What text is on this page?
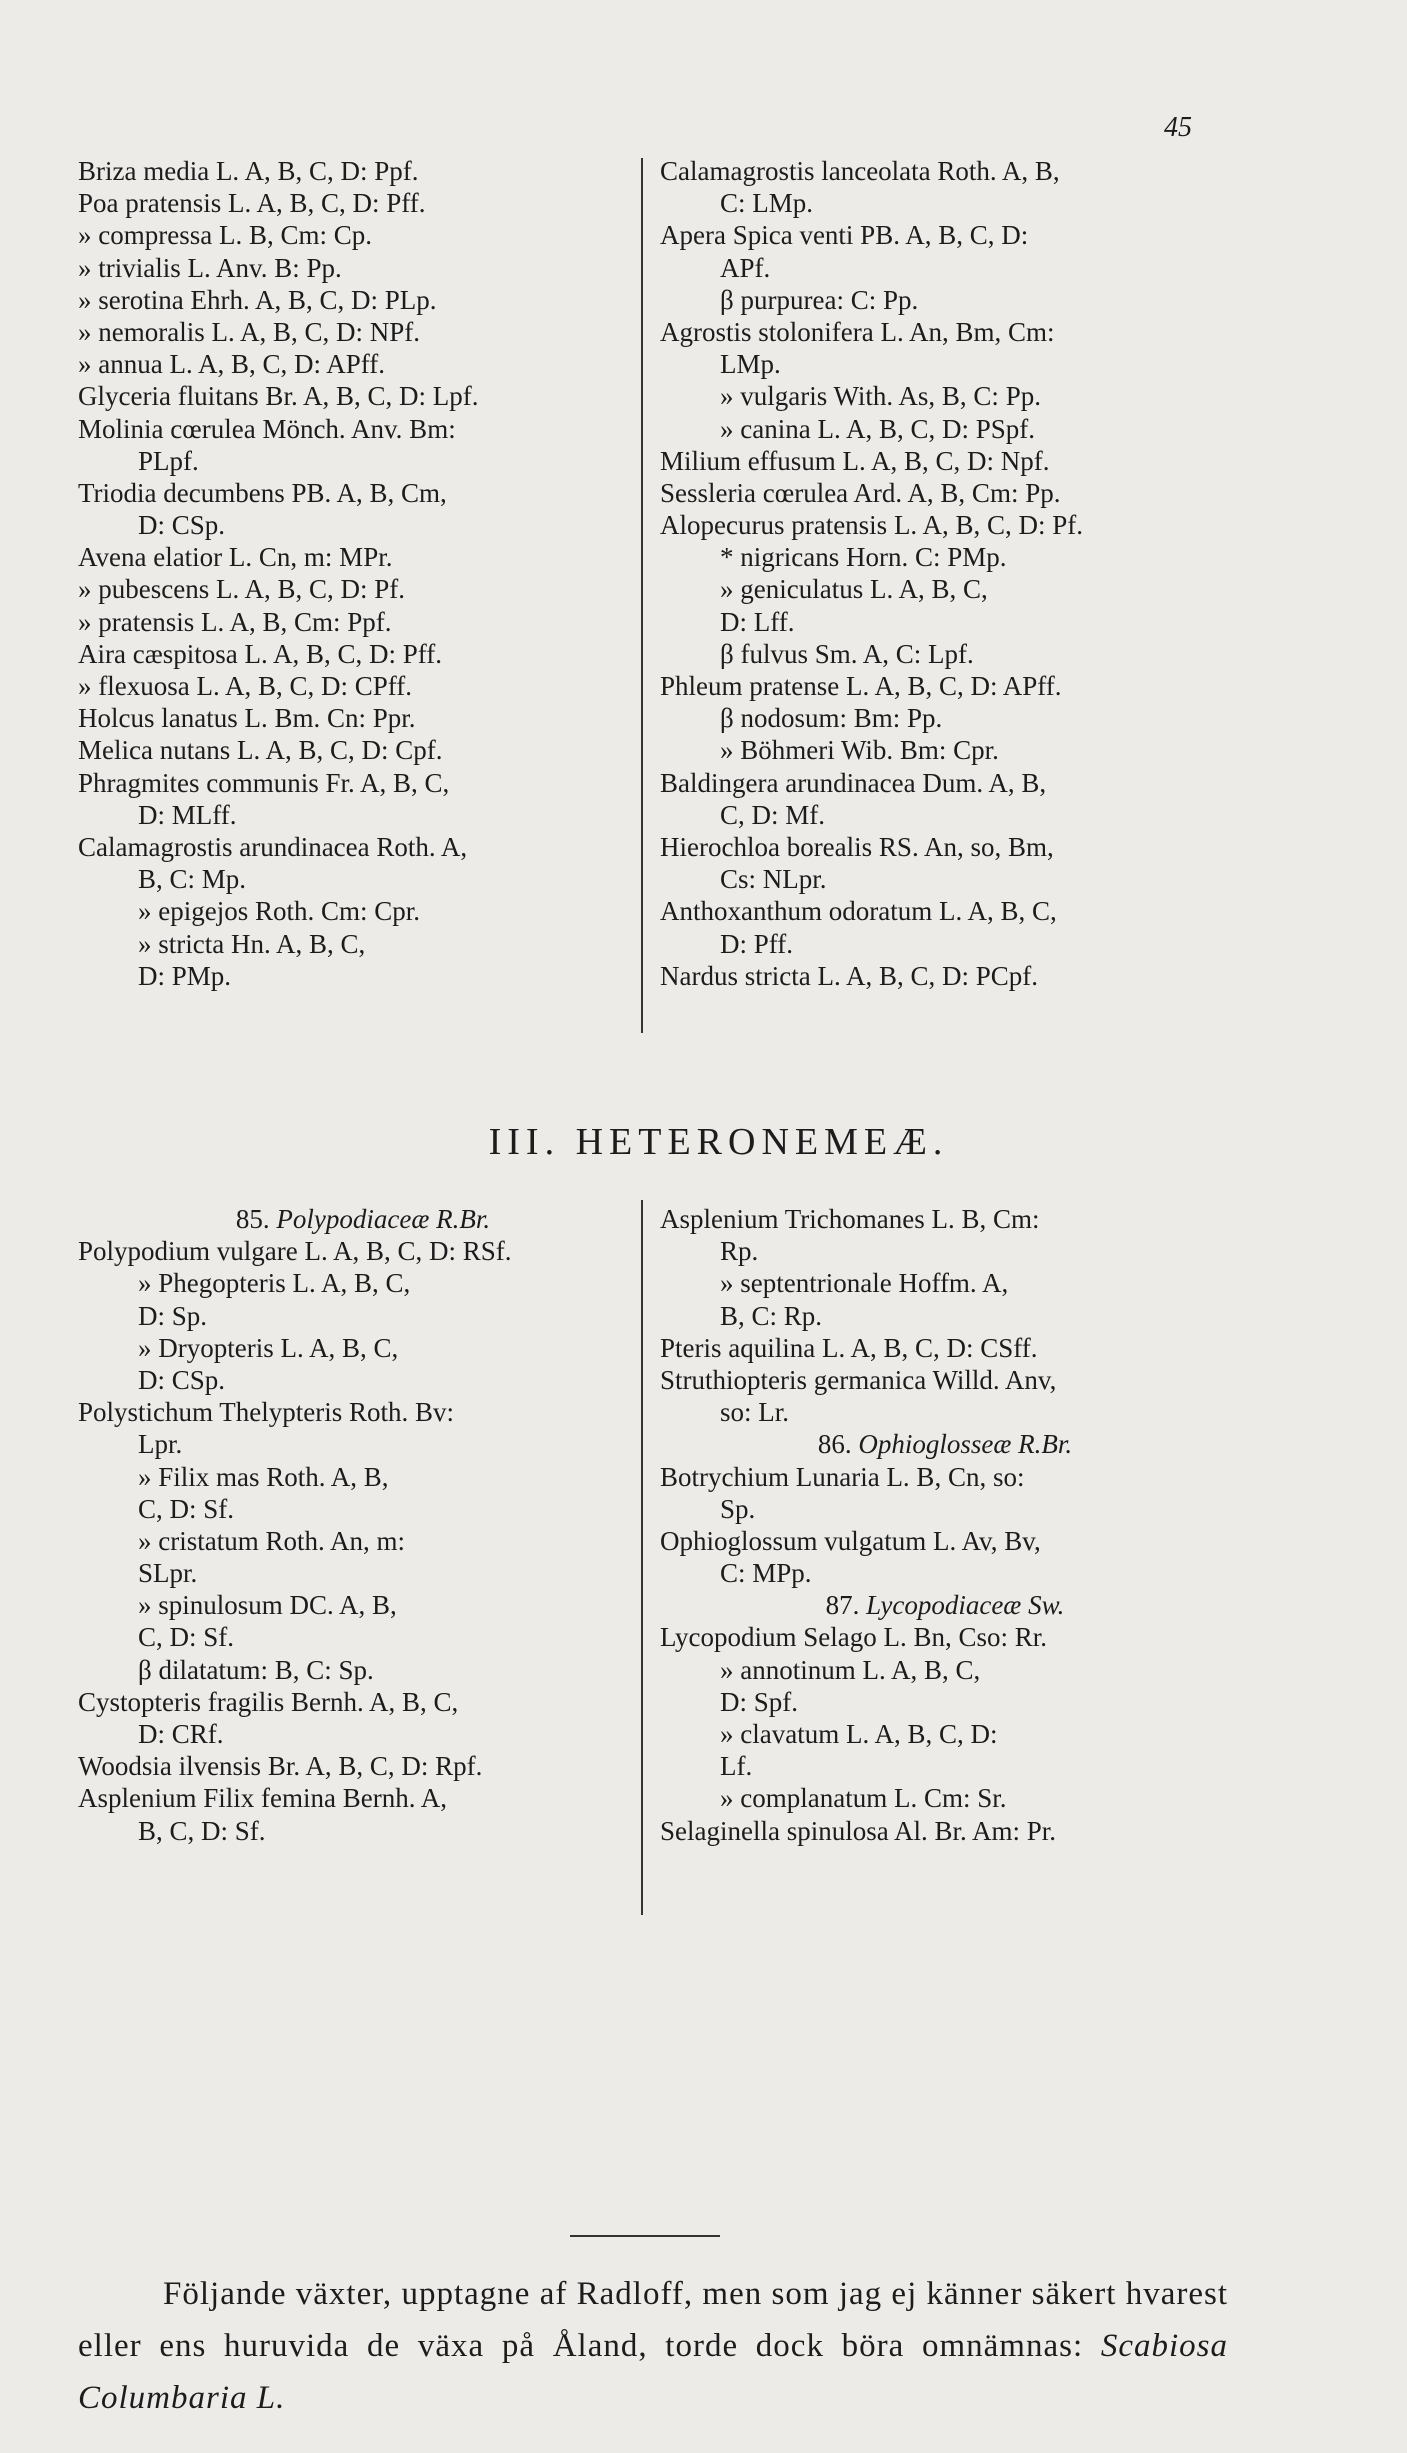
45
Briza media L. A, B, C, D: Ppf.
Poa pratensis L. A, B, C, D: Pff.
» compressa L. B, Cm: Cp.
» trivialis L. Anv. B: Pp.
» serotina Ehrh. A, B, C, D: PLp.
» nemoralis L. A, B, C, D: NPf.
» annua L. A, B, C, D: APff.
Glyceria fluitans Br. A, B, C, D: Lpf.
Molinia cœrulea Mönch. Anv. Bm:
PLpf.
Triodia decumbens PB. A, B, Cm,
D: CSp.
Avena elatior L. Cn, m: MPr.
» pubescens L. A, B, C, D: Pf.
» pratensis L. A, B, Cm: Ppf.
Aira cæspitosa L. A, B, C, D: Pff.
» flexuosa L. A, B, C, D: CPff.
Holcus lanatus L. Bm. Cn: Ppr.
Melica nutans L. A, B, C, D: Cpf.
Phragmites communis Fr. A, B, C,
D: MLff.
Calamagrostis arundinacea Roth. A,
B, C: Mp.
» epigejos Roth. Cm: Cpr.
» stricta Hn. A, B, C,
D: PMp.
Calamagrostis lanceolata Roth. A, B,
C: LMp.
Apera Spica venti PB. A, B, C, D:
APf.
β purpurea: C: Pp.
Agrostis stolonifera L. An, Bm, Cm:
LMp.
» vulgaris With. As, B, C: Pp.
» canina L. A, B, C, D: PSpf.
Milium effusum L. A, B, C, D: Npf.
Sessleria cœrulea Ard. A, B, Cm: Pp.
Alopecurus pratensis L. A, B, C, D: Pf.
* nigricans Horn. C: PMp.
» geniculatus L. A, B, C,
D: Lff.
β fulvus Sm. A, C: Lpf.
Phleum pratense L. A, B, C, D: APff.
β nodosum: Bm: Pp.
» Böhmeri Wib. Bm: Cpr.
Baldingera arundinacea Dum. A, B,
C, D: Mf.
Hierochloa borealis RS. An, so, Bm,
Cs: NLpr.
Anthoxanthum odoratum L. A, B, C,
D: Pff.
Nardus stricta L. A, B, C, D: PCpf.
III. HETERONEMEÆ.
85. Polypodiaceæ R.Br.
Polypodium vulgare L. A, B, C, D: RSf.
» Phegopteris L. A, B, C,
D: Sp.
» Dryopteris L. A, B, C,
D: CSp.
Polystichum Thelypteris Roth. Bv:
Lpr.
» Filix mas Roth. A, B,
C, D: Sf.
» cristatum Roth. An, m:
SLpr.
» spinulosum DC. A, B,
C, D: Sf.
β dilatatum: B, C: Sp.
Cystopteris fragilis Bernh. A, B, C,
D: CRf.
Woodsia ilvensis Br. A, B, C, D: Rpf.
Asplenium Filix femina Bernh. A,
B, C, D: Sf.
Asplenium Trichomanes L. B, Cm:
Rp.
» septentrionale Hoffm. A,
B, C: Rp.
Pteris aquilina L. A, B, C, D: CSff.
Struthiopteris germanica Willd. Anv,
so: Lr.
86. Ophioglosseæ R.Br.
Botrychium Lunaria L. B, Cn, so:
Sp.
Ophioglossum vulgatum L. Av, Bv,
C: MPp.
87. Lycopodiaceæ Sw.
Lycopodium Selago L. Bn, Cso: Rr.
» annotinum L. A, B, C,
D: Spf.
» clavatum L. A, B, C, D:
Lf.
» complanatum L. Cm: Sr.
Selaginella spinulosa Al. Br. Am: Pr.
Följande växter, upptagne af Radloff, men som jag ej känner säkert hvarest eller ens huruvida de växa på Åland, torde dock böra omnämnas: Scabiosa Columbaria L.
